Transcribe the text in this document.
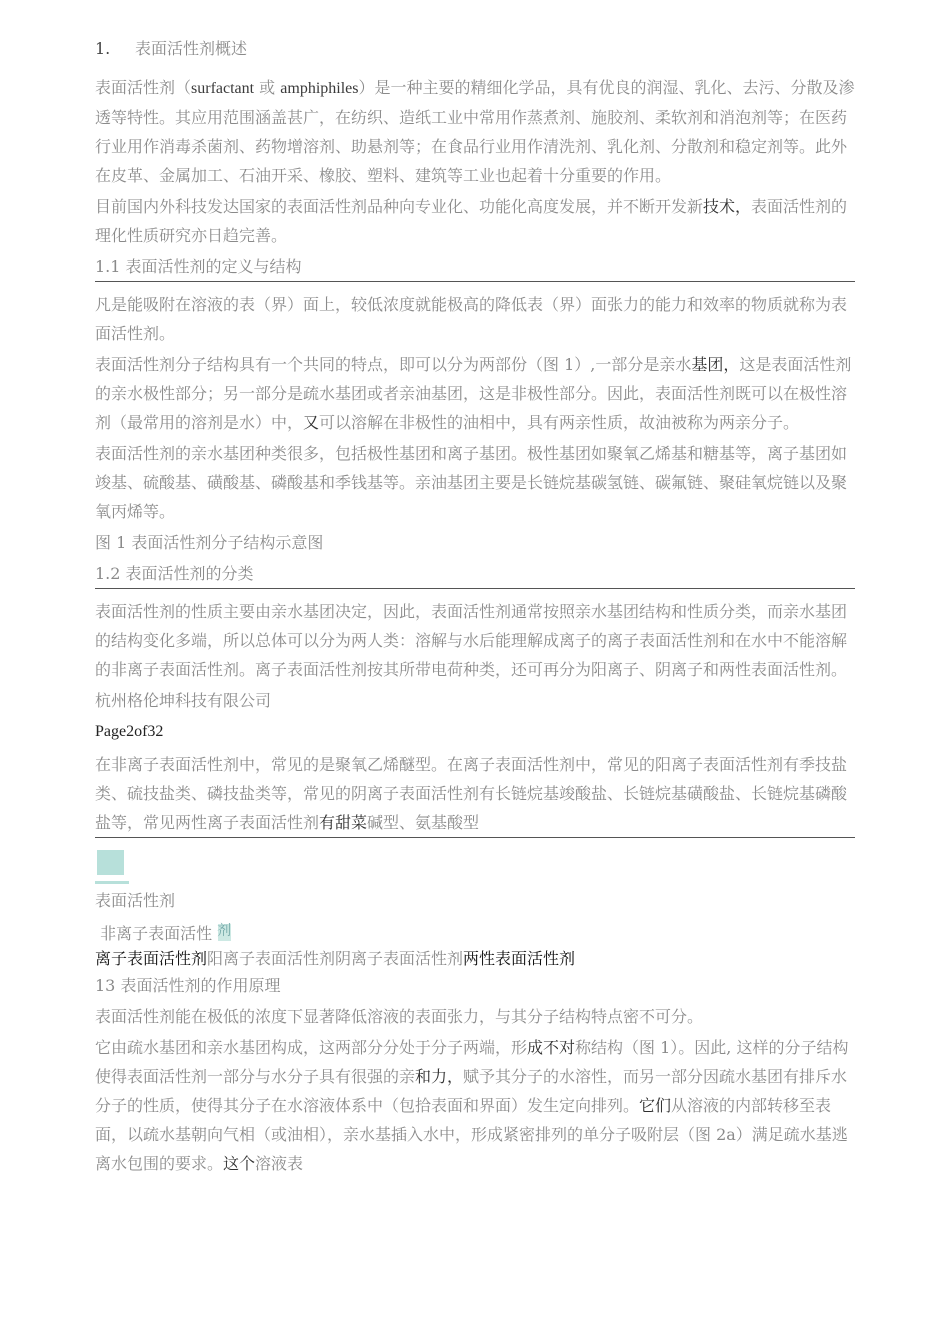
1. 表面活性剂概述

表面活性剂（surfactant 或 amphiphiles）是一种主要的精细化学品，具有优良的润湿、乳化、去污、分散及渗透等特性。其应用范围涵盖甚广，在纺织、造纸工业中常用作蒸煮剂、施胶剂、柔软剂和消泡剂等；在医药行业用作消毒杀菌剂、药物增溶剂、助悬剂等；在食品行业用作清洗剂、乳化剂、分散剂和稳定剂等。此外在皮革、金属加工、石油开采、橡胶、塑料、建筑等工业也起着十分重要的作用。

目前国内外科技发达国家的表面活性剂品种向专业化、功能化高度发展，并不断开发新技术，表面活性剂的理化性质研究亦日趋完善。

1.1 表面活性剂的定义与结构

凡是能吸附在溶液的表（界）面上，较低浓度就能极高的降低表（界）面张力的能力和效率的物质就称为表面活性剂。

表面活性剂分子结构具有一个共同的特点，即可以分为两部份（图 1）,一部分是亲水基团，这是表面活性剂的亲水极性部分；另一部分是疏水基团或者亲油基团，这是非极性部分。因此，表面活性剂既可以在极性溶剂（最常用的溶剂是水）中，又可以溶解在非极性的油相中，具有两亲性质，故油被称为两亲分子。

表面活性剂的亲水基团种类很多，包括极性基团和离子基团。极性基团如聚氧乙烯基和糖基等，离子基团如竣基、硫酸基、磺酸基、磷酸基和季钱基等。亲油基团主要是长链烷基碳氢链、碳氟链、聚硅氧烷链以及聚氧丙烯等。

图 1 表面活性剂分子结构示意图

1.2 表面活性剂的分类

表面活性剂的性质主要由亲水基团决定，因此，表面活性剂通常按照亲水基团结构和性质分类，而亲水基团的结构变化多端，所以总体可以分为两人类：溶解与水后能理解成离子的离子表面活性剂和在水中不能溶解的非离子表面活性剂。离子表面活性剂按其所带电荷种类，还可再分为阳离子、阴离子和两性表面活性剂。

杭州格伦坤科技有限公司

Page2of32

在非离子表面活性剂中，常见的是聚氧乙烯醚型。在离子表面活性剂中，常见的阳离子表面活性剂有季技盐类、硫技盐类、磷技盐类等，常见的阴离子表面活性剂有长链烷基竣酸盐、长链烷基磺酸盐、长链烷基磷酸盐等，常见两性离子表面活性剂有甜菜碱型、氨基酸型

表面活性剂

非离子表面活性 剂

离子表面活性剂阳离子表面活性剂阴离子表面活性剂两性表面活性剂

13 表面活性剂的作用原理

表面活性剂能在极低的浓度下显著降低溶液的表面张力，与其分子结构特点密不可分。

它由疏水基团和亲水基团构成，这两部分分处于分子两端，形成不对称结构（图 1）。因此, 这样的分子结构使得表面活性剂一部分与水分子具有很强的亲和力，赋予其分子的水溶性，而另一部分因疏水基团有排斥水分子的性质，使得其分子在水溶液体系中（包拾表面和界面）发生定向排列。它们从溶液的内部转移至表面，以疏水基朝向气相（或油相），亲水基插入水中，形成紧密排列的单分子吸附层（图 2a）满足疏水基逃离水包围的要求。这个溶液表
